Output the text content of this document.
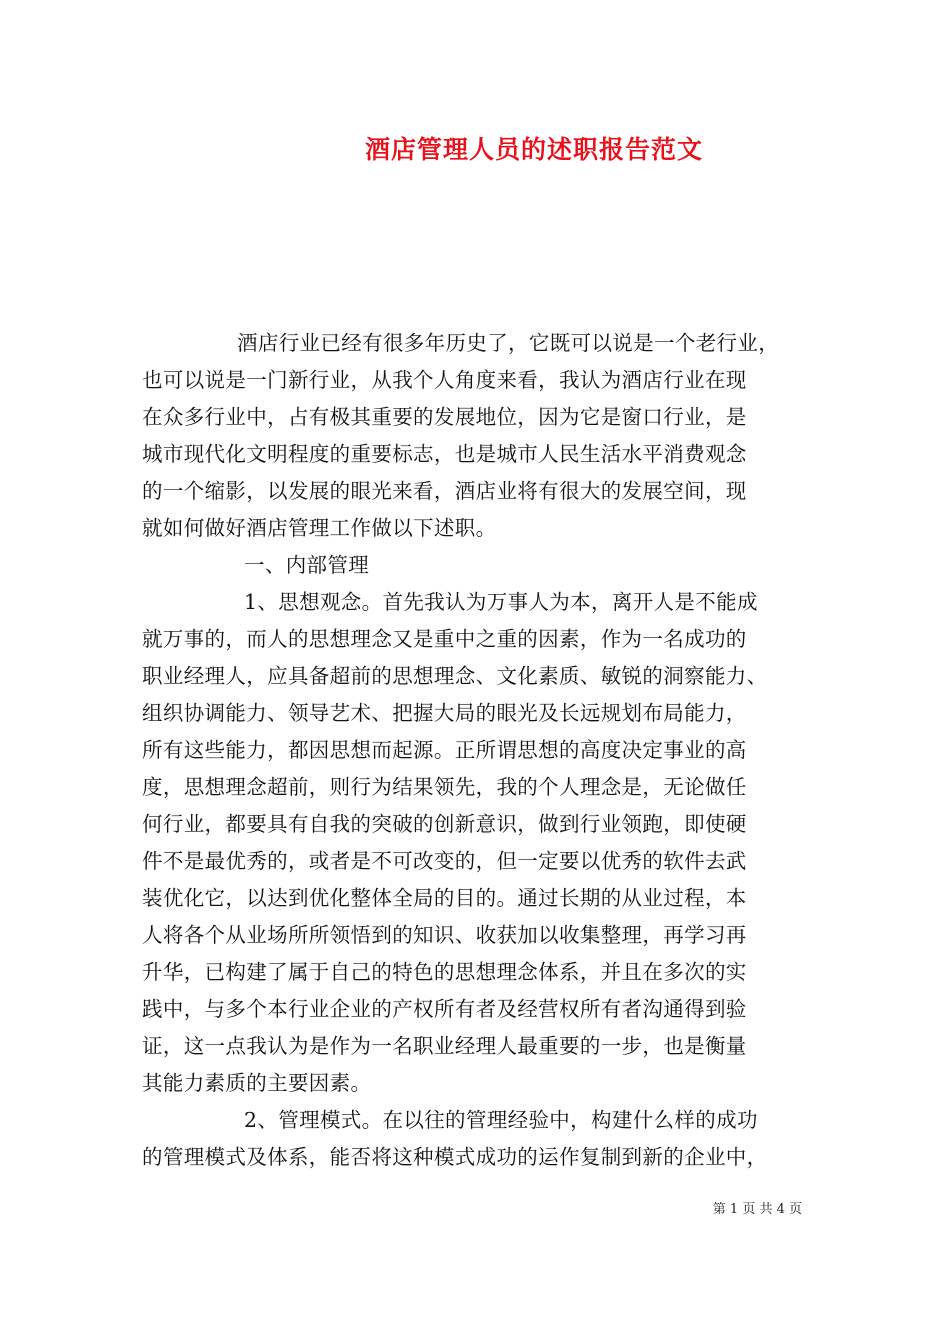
酒店管理人员的述职报告范文
酒店行业已经有很多年历史了，它既可以说是一个老行业，
也可以说是一门新行业，从我个人角度来看，我认为酒店行业在现
在众多行业中，占有极其重要的发展地位，因为它是窗口行业，是
城市现代化文明程度的重要标志，也是城市人民生活水平消费观念
的一个缩影，以发展的眼光来看，酒店业将有很大的发展空间，现
就如何做好酒店管理工作做以下述职。
一、内部管理
1、思想观念。首先我认为万事人为本，离开人是不能成
就万事的，而人的思想理念又是重中之重的因素，作为一名成功的
职业经理人，应具备超前的思想理念、文化素质、敏锐的洞察能力、
组织协调能力、领导艺术、把握大局的眼光及长远规划布局能力，
所有这些能力，都因思想而起源。正所谓思想的高度决定事业的高
度，思想理念超前，则行为结果领先，我的个人理念是，无论做任
何行业，都要具有自我的突破的创新意识，做到行业领跑，即使硬
件不是最优秀的，或者是不可改变的，但一定要以优秀的软件去武
装优化它，以达到优化整体全局的目的。通过长期的从业过程，本
人将各个从业场所所领悟到的知识、收获加以收集整理，再学习再
升华，已构建了属于自己的特色的思想理念体系，并且在多次的实
践中，与多个本行业企业的产权所有者及经营权所有者沟通得到验
证，这一点我认为是作为一名职业经理人最重要的一步，也是衡量
其能力素质的主要因素。
2、管理模式。在以往的管理经验中，构建什么样的成功
的管理模式及体系，能否将这种模式成功的运作复制到新的企业中，
第 1 页 共 4 页
